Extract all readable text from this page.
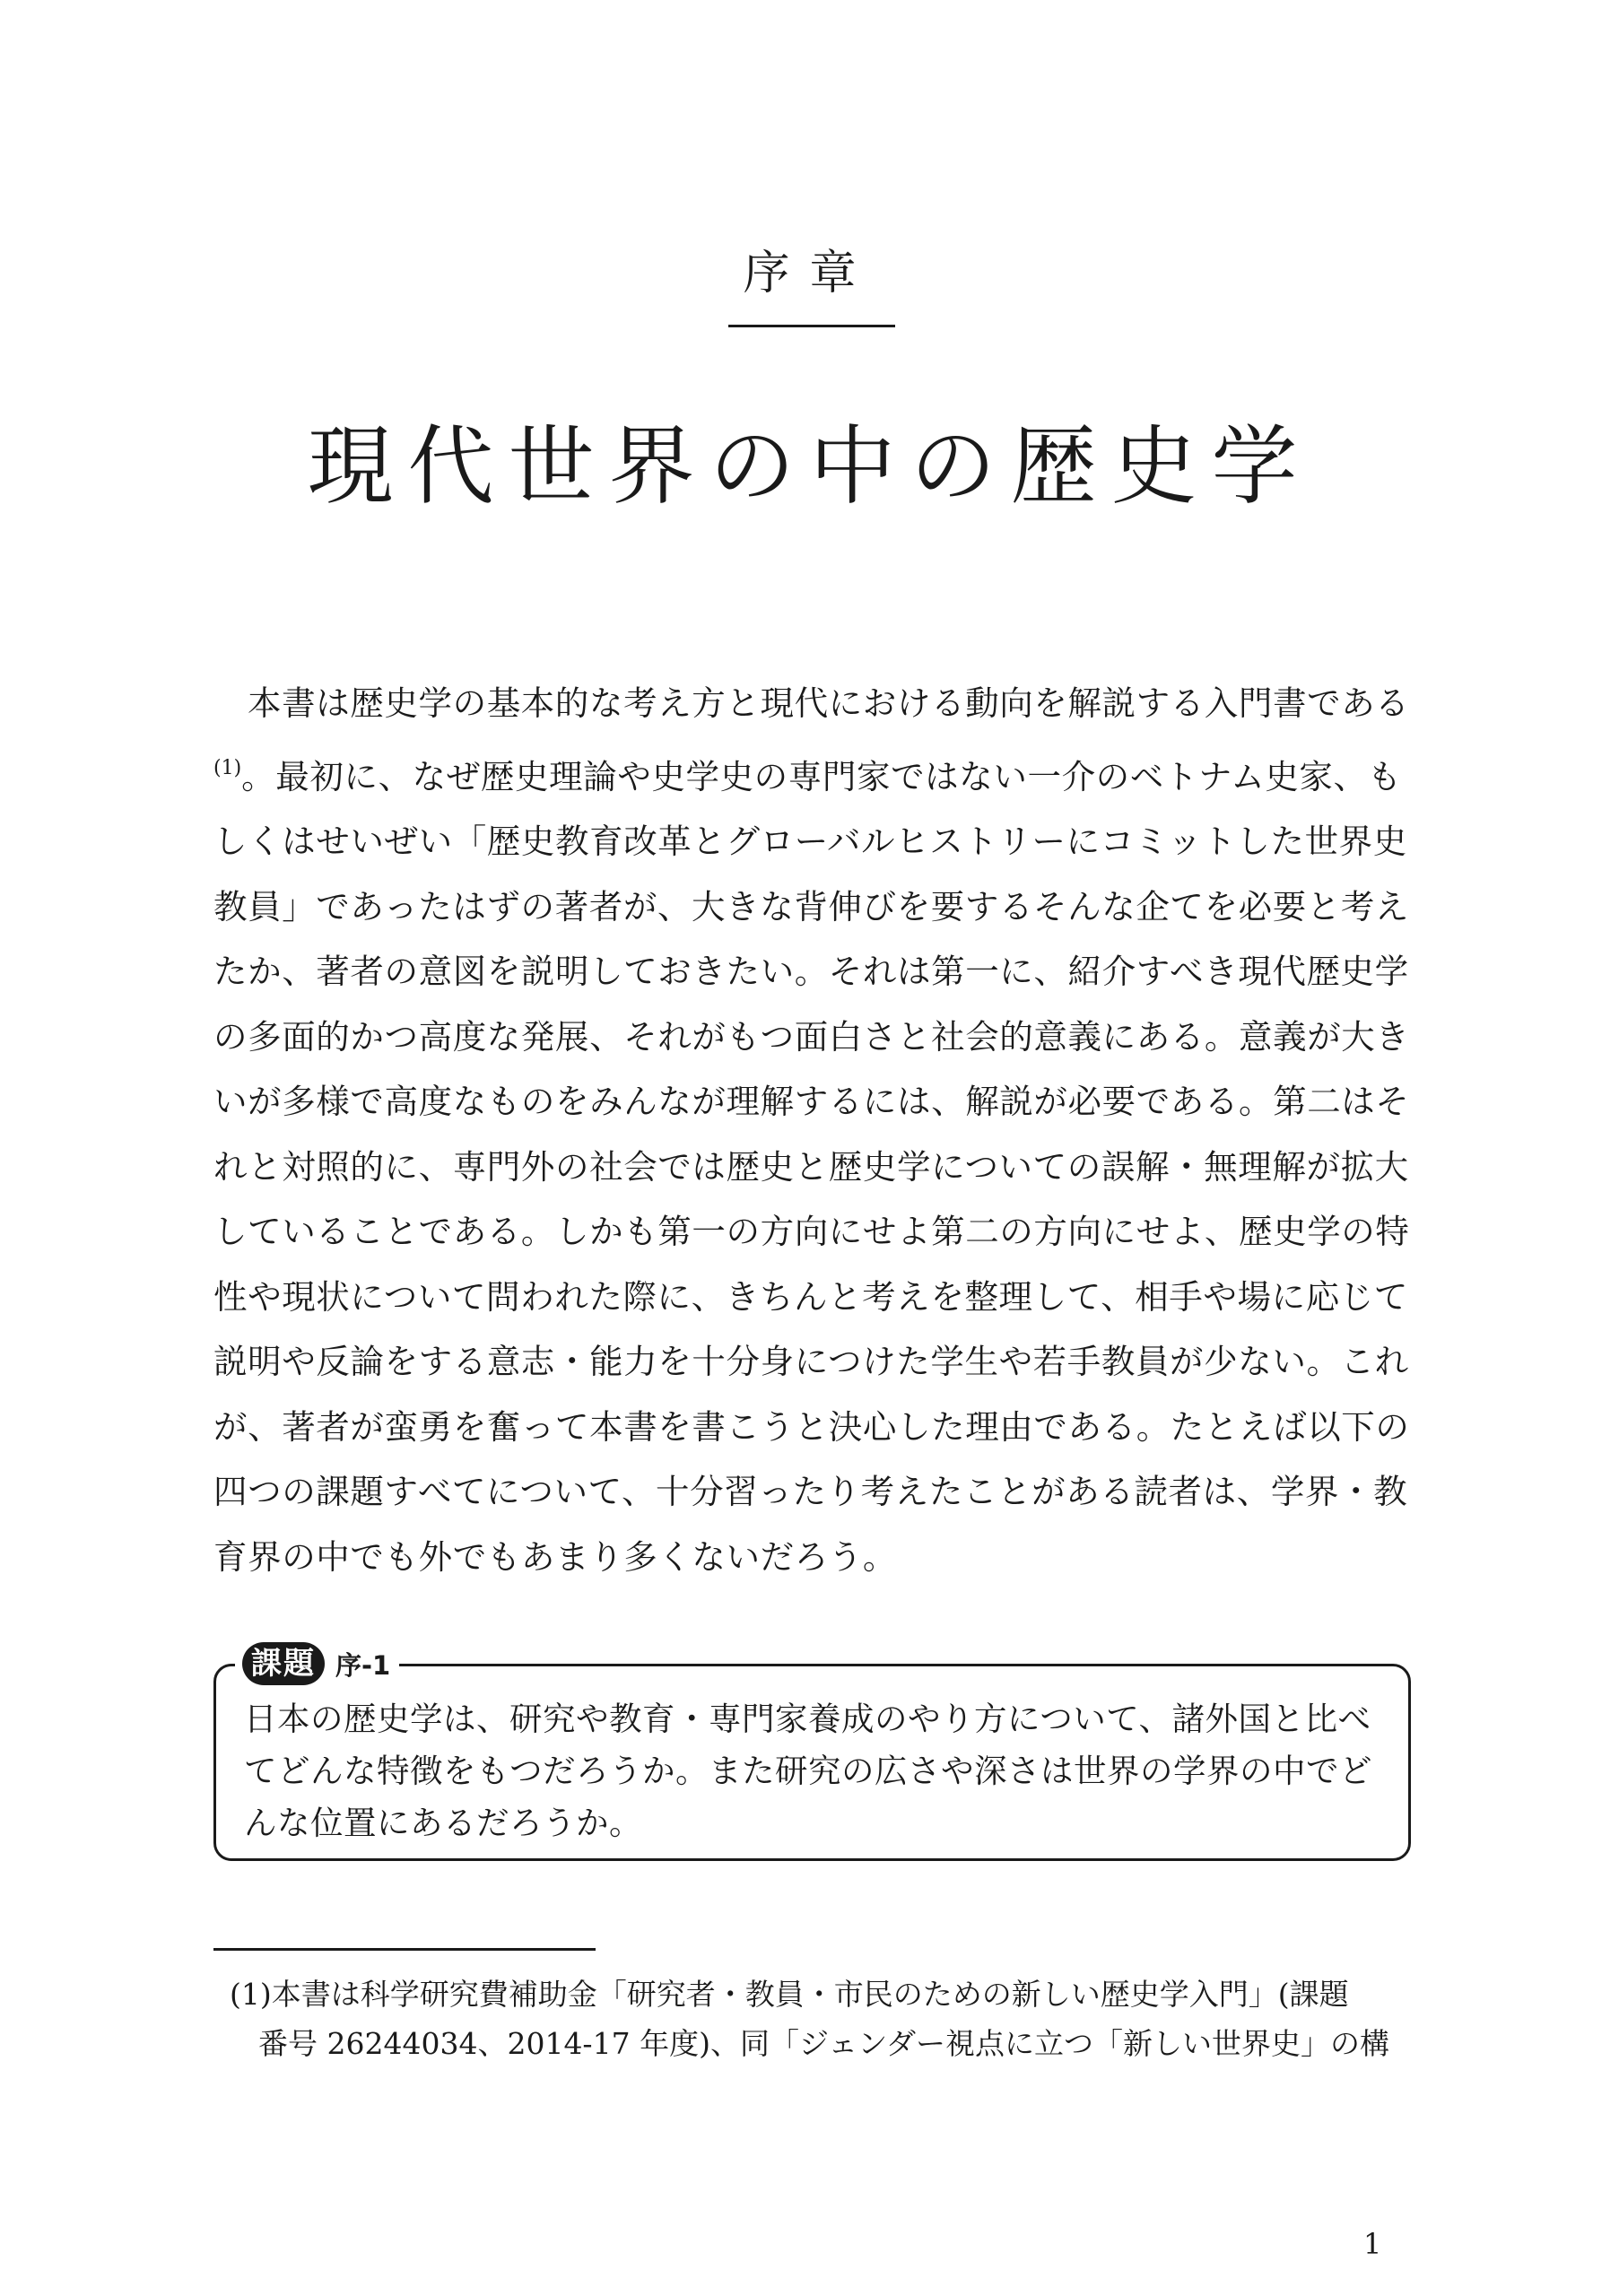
序章
現代世界の中の歴史学

本書は歴史学の基本的な考え方と現代における動向を解説する入門書である$^{(1)}$。最初に、なぜ歴史理論や史学史の専門家ではない一介のベトナム史家、もしくはせいぜい「歴史教育改革とグローバルヒストリーにコミットした世界史教員」であったはずの著者が、大きな背伸びを要するそんな企てを必要と考えたか、著者の意図を説明しておきたい。それは第一に、紹介すべき現代歴史学の多面的かつ高度な発展、それがもつ面白さと社会的意義にある。意義が大きいが多様で高度なものをみんなが理解するには、解説が必要である。第二はそれと対照的に、専門外の社会では歴史と歴史学についての誤解・無理解が拡大していることである。しかも第一の方向にせよ第二の方向にせよ、歴史学の特性や現状について問われた際に、きちんと考えを整理して、相手や場に応じて説明や反論をする意志・能力を十分身につけた学生や若手教員が少ない。これが、著者が蛮勇を奮って本書を書こうと決心した理由である。たとえば以下の四つの課題すべてについて、十分習ったり考えたことがある読者は、学界・教育界の中でも外でもあまり多くないだろう。

課題 序-1
日本の歴史学は、研究や教育・専門家養成のやり方について、諸外国と比べてどんな特徴をもつだろうか。また研究の広さや深さは世界の学界の中でどんな位置にあるだろうか。
(1)本書は科学研究費補助金「研究者・教員・市民のための新しい歴史学入門」(課題
番号 26244034、2014-17 年度)、同「ジェンダー視点に立つ「新しい世界史」の構
1
